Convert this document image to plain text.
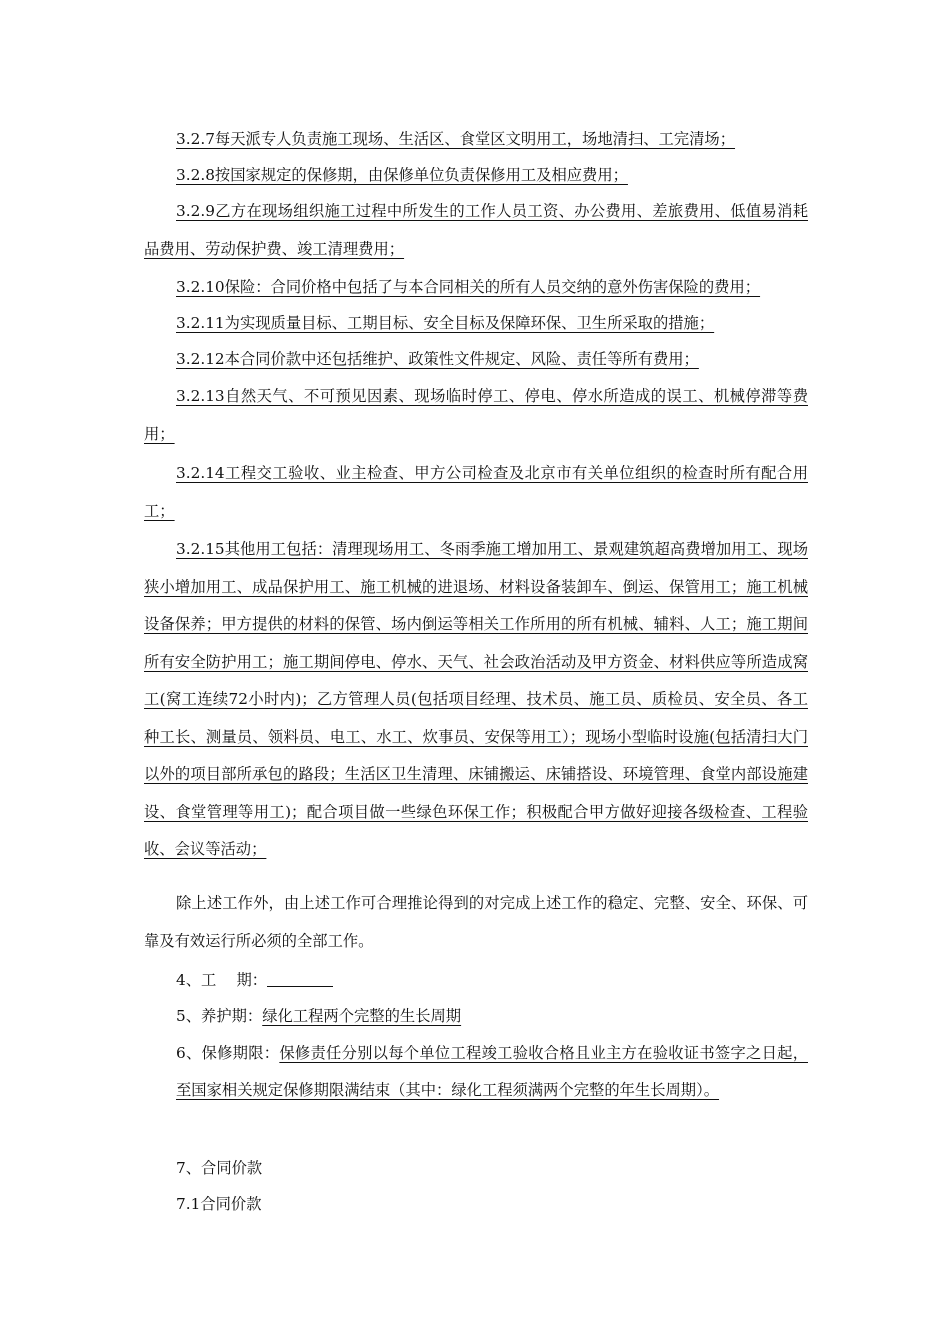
3.2.7每天派专人负责施工现场、生活区、食堂区文明用工，场地清扫、工完清场；
3.2.8按国家规定的保修期，由保修单位负责保修用工及相应费用；
3.2.9乙方在现场组织施工过程中所发生的工作人员工资、办公费用、差旅费用、低值易消耗品费用、劳动保护费、竣工清理费用；
3.2.10保险：合同价格中包括了与本合同相关的所有人员交纳的意外伤害保险的费用；
3.2.11为实现质量目标、工期目标、安全目标及保障环保、卫生所采取的措施；
3.2.12本合同价款中还包括维护、政策性文件规定、风险、责任等所有费用；
3.2.13自然天气、不可预见因素、现场临时停工、停电、停水所造成的误工、机械停滞等费用；
3.2.14工程交工验收、业主检查、甲方公司检查及北京市有关单位组织的检查时所有配合用工；
3.2.15其他用工包括：清理现场用工、冬雨季施工增加用工、景观建筑超高费增加用工、现场狭小增加用工、成品保护用工、施工机械的进退场、材料设备装卸车、倒运、保管用工；施工机械设备保养；甲方提供的材料的保管、场内倒运等相关工作所用的所有机械、辅料、人工；施工期间所有安全防护用工；施工期间停电、停水、天气、社会政治活动及甲方资金、材料供应等所造成窝工(窝工连续72小时内)；乙方管理人员(包括项目经理、技术员、施工员、质检员、安全员、各工种工长、测量员、领料员、电工、水工、炊事员、安保等用工）；现场小型临时设施(包括清扫大门以外的项目部所承包的路段；生活区卫生清理、床铺搬运、床铺搭设、环境管理、食堂内部设施建设、食堂管理等用工)；配合项目做一些绿色环保工作；积极配合甲方做好迎接各级检查、工程验收、会议等活动；
除上述工作外，由上述工作可合理推论得到的对完成上述工作的稳定、完整、安全、环保、可靠及有效运行所必须的全部工作。
4、工　 期：
5、养护期：绿化工程两个完整的生长周期
6、保修期限：保修责任分别以每个单位工程竣工验收合格且业主方在验收证书签字之日起，至国家相关规定保修期限满结束（其中：绿化工程须满两个完整的年生长周期）。
7、合同价款
7.1合同价款
